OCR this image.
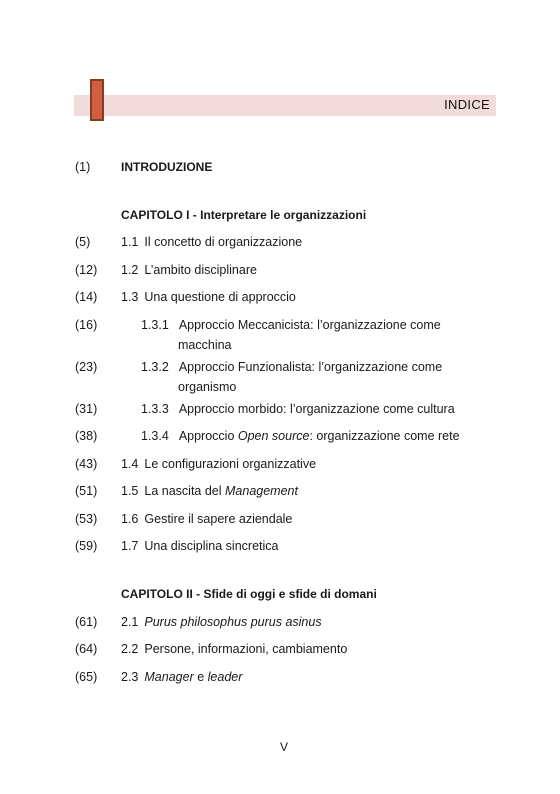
INDICE
(1)	INTRODUZIONE
CAPITOLO I - Interpretare le organizzazioni
(5) 1.1 Il concetto di organizzazione
(12) 1.2 L’ambito disciplinare
(14) 1.3 Una questione di approccio
(16)	1.3.1 Approccio Meccanicista: l’organizzazione come
macchina
(23)	1.3.2 Approccio Funzionalista: l’organizzazione come
organismo
(31)	1.3.3 Approccio morbido: l’organizzazione come cultura
(38)	1.3.4 Approccio Open source: organizzazione come rete
(43) 1.4 Le configurazioni organizzative
(51) 1.5 La nascita del Management
(53) 1.6 Gestire il sapere aziendale
(59) 1.7 Una disciplina sincretica
CAPITOLO II - Sfide di oggi e sfide di domani
(61) 2.1 Purus philosophus purus asinus
(64) 2.2 Persone, informazioni, cambiamento
(65) 2.3 Manager e leader
V
